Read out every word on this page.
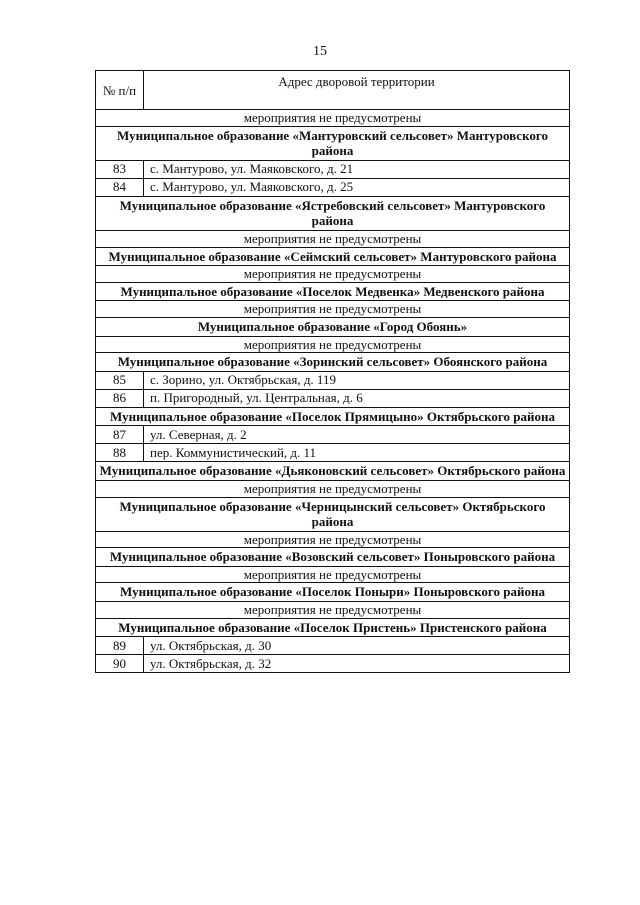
15
№ п/п	Адрес дворовой территории
мероприятия не предусмотрены	
Муниципальное образование «Мантуровский сельсовет» Мантуровского района	
83	с. Мантурово, ул. Маяковского, д. 21
84	с. Мантурово, ул. Маяковского, д. 25
Муниципальное образование «Ястребовский сельсовет» Мантуровского района	
мероприятия не предусмотрены	
Муниципальное образование «Сеймский сельсовет» Мантуровского района	
мероприятия не предусмотрены	
Муниципальное образование «Поселок Медвенка» Медвенского района	
мероприятия не предусмотрены	
Муниципальное образование «Город Обоянь»	
мероприятия не предусмотрены	
Муниципальное образование «Зоринский сельсовет» Обоянского района	
85	с. Зорино, ул. Октябрьская, д. 119
86	п. Пригородный, ул. Центральная, д. 6
Муниципальное образование «Поселок Прямицыно» Октябрьского района	
87	ул. Северная, д. 2
88	пер. Коммунистический, д. 11
Муниципальное образование «Дьяконовский сельсовет» Октябрьского района	
мероприятия не предусмотрены	
Муниципальное образование «Черницынский сельсовет» Октябрьского района	
мероприятия не предусмотрены	
Муниципальное образование «Возовский сельсовет» Поныровского района	
мероприятия не предусмотрены	
Муниципальное образование «Поселок Поныри» Поныровского района	
мероприятия не предусмотрены	
Муниципальное образование «Поселок Пристень» Пристенского района	
89	ул. Октябрьская, д. 30
90	ул. Октябрьская, д. 32
